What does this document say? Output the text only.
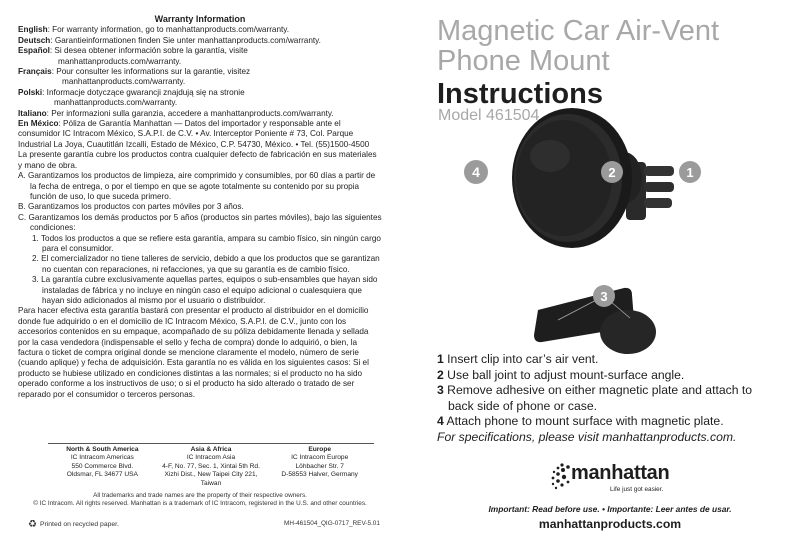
Warranty Information

English: For warranty information, go to manhattanproducts.com/warranty.

Deutsch: Garantieinformationen finden Sie unter manhattanproducts.com/warranty.

Español: Si desea obtener información sobre la garantía, visite

manhattanproducts.com/warranty.

Français: Pour consulter les informations sur la garantie, visitez

manhattanproducts.com/warranty.

Polski: Informacje dotyczące gwarancji znajdują się na stronie

manhattanproducts.com/warranty.

Italiano: Per informazioni sulla garanzia, accedere a manhattanproducts.com/warranty.

En México: Póliza de Garantía Manhattan — Datos del importador y responsable ante el consumidor IC Intracom México, S.A.P.I. de C.V. • Av. Interceptor Poniente # 73, Col. Parque Industrial La Joya, Cuautitlán Izcalli, Estado de México, C.P. 54730, México. • Tel. (55)1500-4500

La presente garantía cubre los productos contra cualquier defecto de fabricación en sus materiales y mano de obra.

A. Garantizamos los productos de limpieza, aire comprimido y consumibles, por 60 días a partir de la fecha de entrega, o por el tiempo en que se agote totalmente su contenido por su propia función de uso, lo que suceda primero.

B. Garantizamos los productos con partes móviles por 3 años.

C. Garantizamos los demás productos por 5 años (productos sin partes móviles), bajo las siguientes condiciones:

1. Todos los productos a que se refiere esta garantía, ampara su cambio físico, sin ningún cargo para el consumidor.

2. El comercializador no tiene talleres de servicio, debido a que los productos que se garantizan no cuentan con reparaciones, ni refacciones, ya que su garantía es de cambio físico.

3. La garantía cubre exclusivamente aquellas partes, equipos o sub-ensambles que hayan sido instaladas de fábrica y no incluye en ningún caso el equipo adicional o cualesquiera que hayan sido adicionados al mismo por el usuario o distribuidor.

Para hacer efectiva esta garantía bastará con presentar el producto al distribuidor en el domicilio donde fue adquirido o en el domicilio de IC Intracom México, S.A.P.I. de C.V., junto con los accesorios contenidos en su empaque, acompañado de su póliza debidamente llenada y sellada por la casa vendedora (indispensable el sello y fecha de compra) donde lo adquirió, o bien, la factura o ticket de compra original donde se mencione claramente el modelo, número de serie (cuando aplique) y fecha de adquisición. Esta garantía no es válida en los siguientes casos: Si el producto se hubiese utilizado en condiciones distintas a las normales; si el producto no ha sido operado conforme a los instructivos de uso; o si el producto ha sido alterado o tratado de ser reparado por el consumidor o terceros personas.

North & South America
IC Intracom Americas
550 Commerce Blvd.
Oldsmar, FL 34677 USA
Asia & Africa
IC Intracom Asia
4-F, No. 77, Sec. 1, Xintai 5th Rd.
Xizhi Dist., New Taipei City 221, Taiwan
Europe
IC Intracom Europe
Löhbacher Str. 7
D-58553 Halver, Germany
All trademarks and trade names are the property of their respective owners.
© IC Intracom. All rights reserved. Manhattan is a trademark of IC Intracom, registered in the U.S. and other countries.
♻ Printed on recycled paper.	MH-461504_QIG-0717_REV-5.01
Magnetic Car Air-Vent
Phone Mount
Instructions
Model 461504
4	2	1
3
1 Insert clip into car’s air vent.
2 Use ball joint to adjust mount-surface angle.
3 Remove adhesive on either magnetic plate and attach to
back side of phone or case.
4 Attach phone to mount surface with magnetic plate.
For specifications, please visit manhattanproducts.com.
manhattan
Life just got easier.
Important: Read before use. • Importante: Leer antes de usar.
manhattanproducts.com
